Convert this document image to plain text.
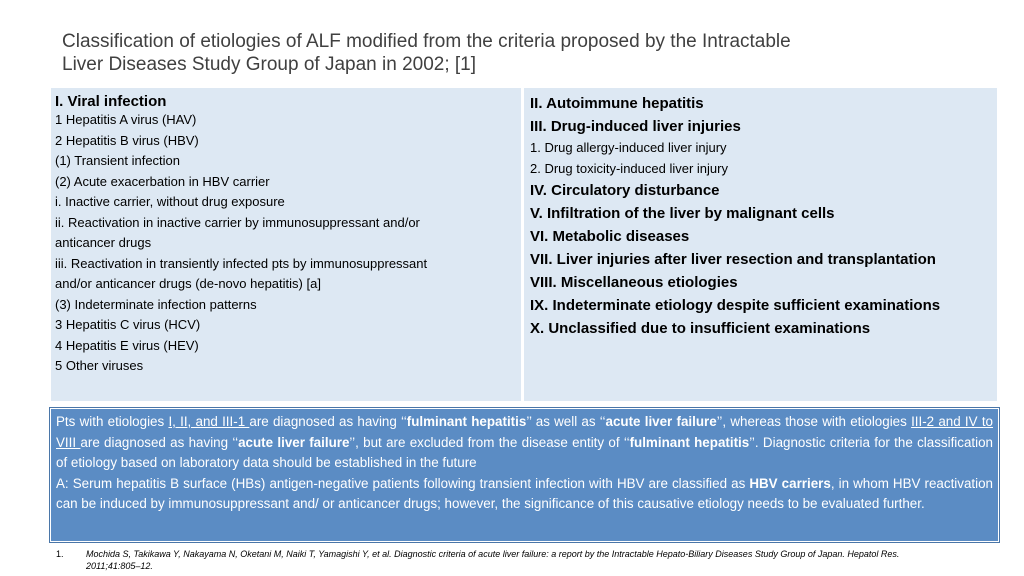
Classification of etiologies of ALF modified from the criteria proposed by the Intractable
Liver Diseases Study Group of Japan in 2002; [1]
I. Viral infection
1 Hepatitis A virus (HAV)
2 Hepatitis B virus (HBV)
(1) Transient infection
(2) Acute exacerbation in HBV carrier
i. Inactive carrier, without drug exposure
ii. Reactivation in inactive carrier by immunosuppressant and/or
anticancer drugs
iii. Reactivation in transiently infected pts by immunosuppressant
and/or anticancer drugs (de-novo hepatitis) [a]
(3) Indeterminate infection patterns
3 Hepatitis C virus (HCV)
4 Hepatitis E virus (HEV)
5 Other viruses
II. Autoimmune hepatitis
III. Drug-induced liver injuries
1. Drug allergy-induced liver injury
2. Drug toxicity-induced liver injury
IV. Circulatory disturbance
V. Infiltration of the liver by malignant cells
VI. Metabolic diseases
VII. Liver injuries after liver resection and transplantation
VIII. Miscellaneous etiologies
IX. Indeterminate etiology despite sufficient examinations
X. Unclassified due to insufficient examinations
Pts with etiologies I, II, and III-1 are diagnosed as having ‘‘fulminant hepatitis’’ as well as ‘‘acute liver failure’’, whereas those with etiologies III-2 and IV to VIII are diagnosed as having ‘‘acute liver failure’’, but are excluded from the disease entity of ‘‘fulminant hepatitis’’. Diagnostic criteria for the classification of etiology based on laboratory data should be established in the future
A: Serum hepatitis B surface (HBs) antigen-negative patients following transient infection with HBV are classified as HBV carriers, in whom HBV reactivation can be induced by immunosuppressant and/ or anticancer drugs; however, the significance of this causative etiology needs to be evaluated further.
1. Mochida S, Takikawa Y, Nakayama N, Oketani M, Naiki T, Yamagishi Y, et al. Diagnostic criteria of acute liver failure: a report by the Intractable Hepato-Biliary Diseases Study Group of Japan. Hepatol Res.
2011;41:805–12.
